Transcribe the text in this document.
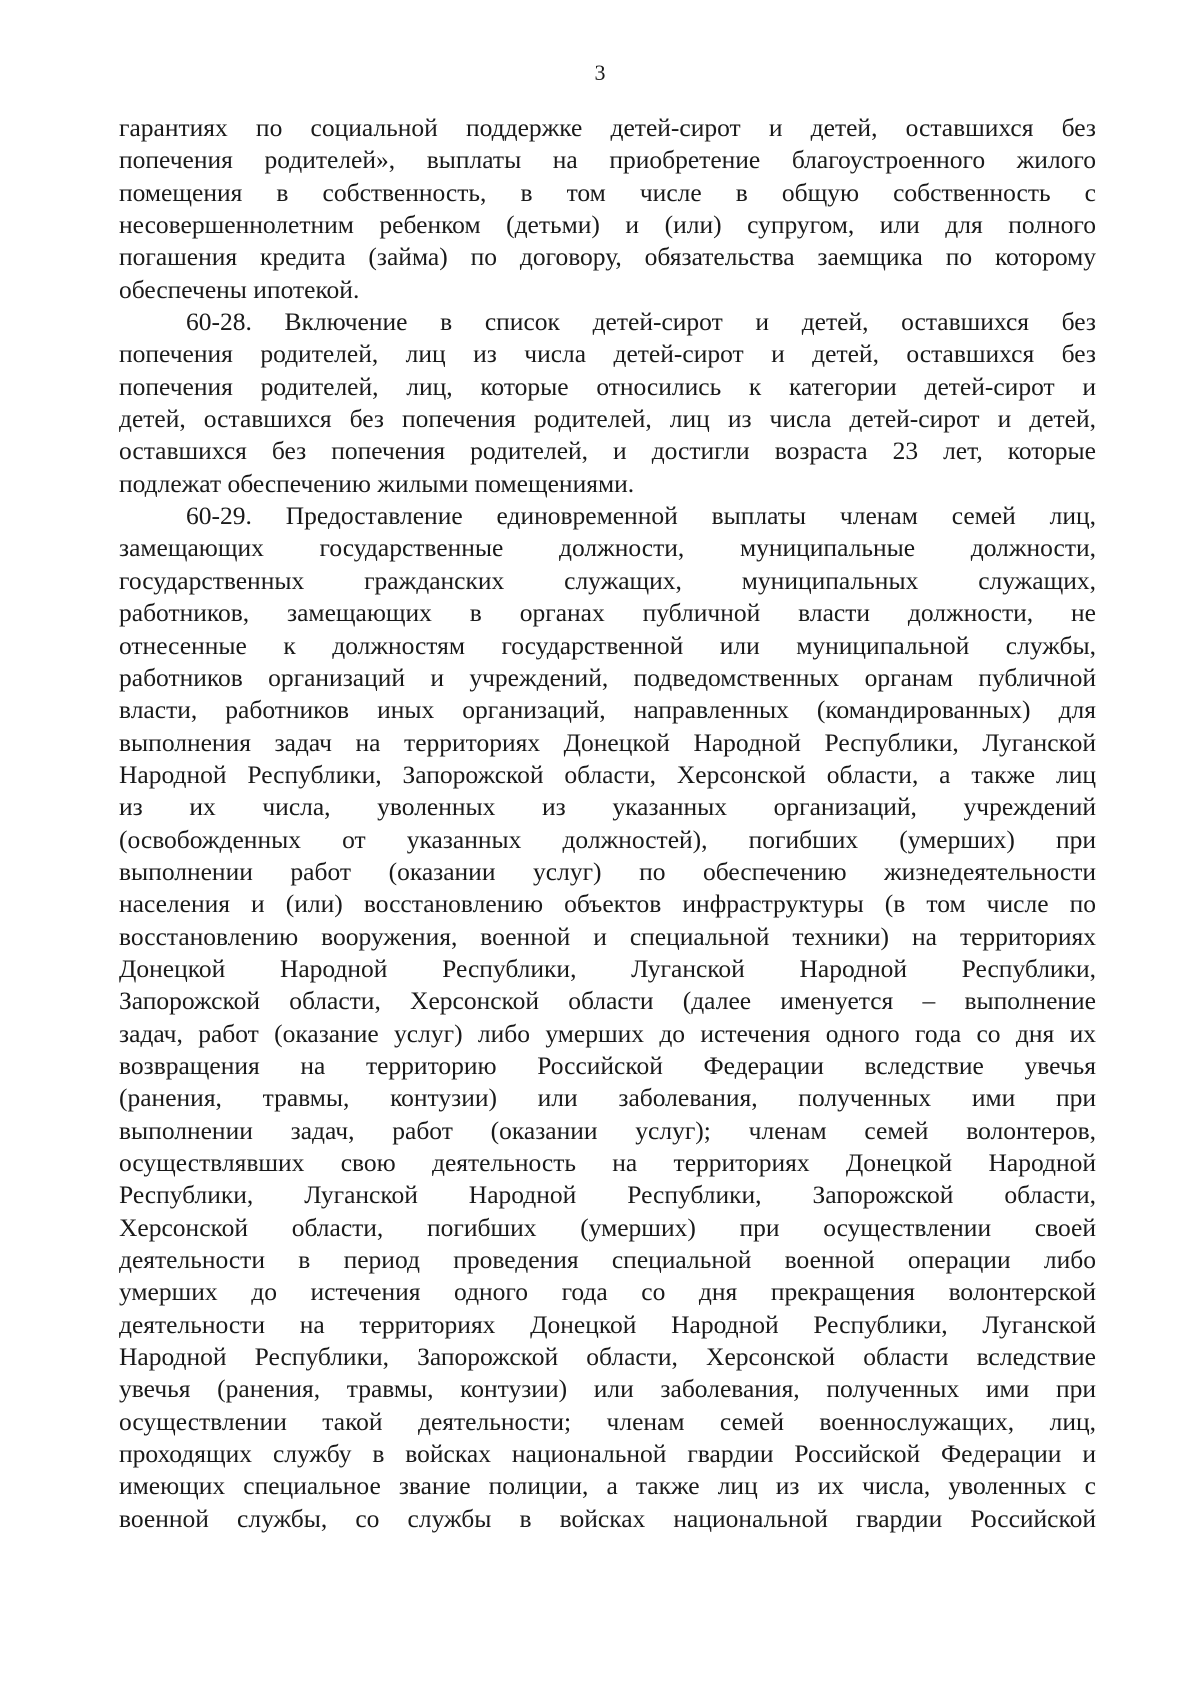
3
гарантиях по социальной поддержке детей-сирот и детей, оставшихся без
попечения родителей», выплаты на приобретение благоустроенного жилого
помещения в собственность, в том числе в общую собственность с
несовершеннолетним ребенком (детьми) и (или) супругом, или для полного
погашения кредита (займа) по договору, обязательства заемщика по которому
обеспечены ипотекой.
60-28. Включение в список детей-сирот и детей, оставшихся без
попечения родителей, лиц из числа детей-сирот и детей, оставшихся без
попечения родителей, лиц, которые относились к категории детей-сирот и
детей, оставшихся без попечения родителей, лиц из числа детей-сирот и детей,
оставшихся без попечения родителей, и достигли возраста 23 лет, которые
подлежат обеспечению жилыми помещениями.
60-29. Предоставление единовременной выплаты членам семей лиц,
замещающих государственные должности, муниципальные должности,
государственных гражданских служащих, муниципальных служащих,
работников, замещающих в органах публичной власти должности, не
отнесенные к должностям государственной или муниципальной службы,
работников организаций и учреждений, подведомственных органам публичной
власти, работников иных организаций, направленных (командированных) для
выполнения задач на территориях Донецкой Народной Республики, Луганской
Народной Республики, Запорожской области, Херсонской области, а также лиц
из их числа, уволенных из указанных организаций, учреждений
(освобожденных от указанных должностей), погибших (умерших) при
выполнении работ (оказании услуг) по обеспечению жизнедеятельности
населения и (или) восстановлению объектов инфраструктуры (в том числе по
восстановлению вооружения, военной и специальной техники) на территориях
Донецкой Народной Республики, Луганской Народной Республики,
Запорожской области, Херсонской области (далее именуется – выполнение
задач, работ (оказание услуг) либо умерших до истечения одного года со дня их
возвращения на территорию Российской Федерации вследствие увечья
(ранения, травмы, контузии) или заболевания, полученных ими при
выполнении задач, работ (оказании услуг); членам семей волонтеров,
осуществлявших свою деятельность на территориях Донецкой Народной
Республики, Луганской Народной Республики, Запорожской области,
Херсонской области, погибших (умерших) при осуществлении своей
деятельности в период проведения специальной военной операции либо
умерших до истечения одного года со дня прекращения волонтерской
деятельности на территориях Донецкой Народной Республики, Луганской
Народной Республики, Запорожской области, Херсонской области вследствие
увечья (ранения, травмы, контузии) или заболевания, полученных ими при
осуществлении такой деятельности; членам семей военнослужащих, лиц,
проходящих службу в войсках национальной гвардии Российской Федерации и
имеющих специальное звание полиции, а также лиц из их числа, уволенных с
военной службы, со службы в войсках национальной гвардии Российской
